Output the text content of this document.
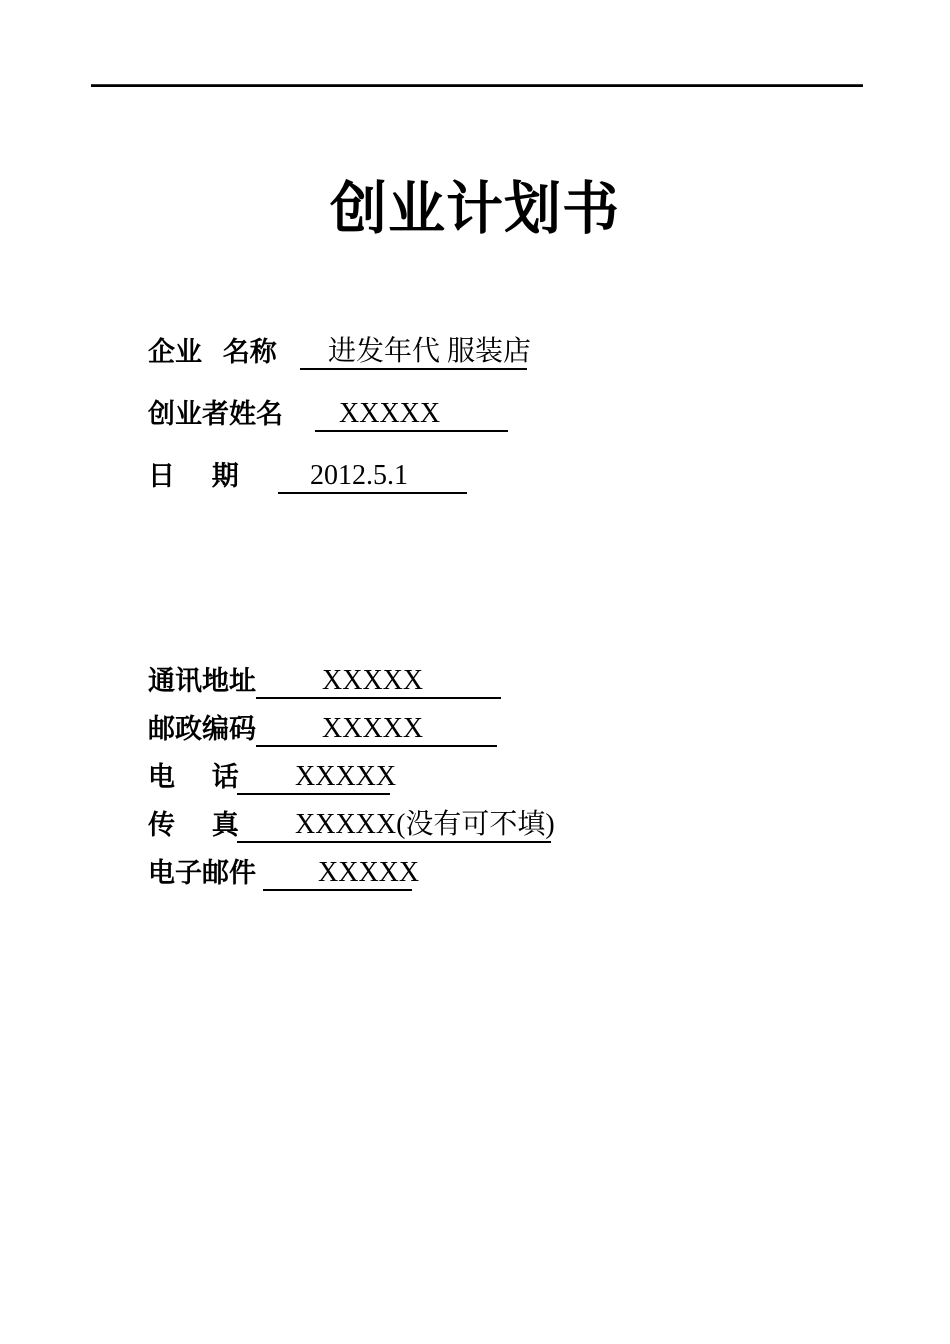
创业计划书
企业 名称	进发年代 服装店
创业者姓名	XXXXX
日 期	2012.5.1
通讯地址	XXXXX
邮政编码	XXXXX
电 话	XXXXX
传 真	XXXXX(没有可不填)
电子邮件	XXXXX
